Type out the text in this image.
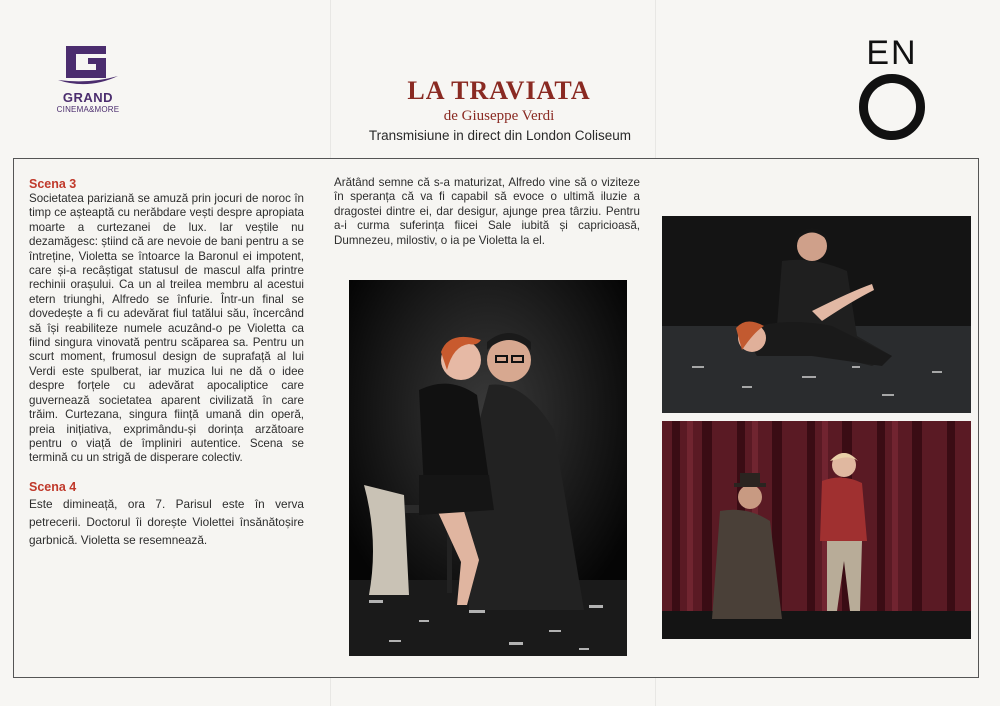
GRAND
CINEMA&MORE
EN
LA TRAVIATA
de Giuseppe Verdi
Transmisiune in direct din London Coliseum
Scena 3

Societatea pariziană se amuză prin jocuri de noroc în timp ce așteaptă cu nerăbdare vești despre apropiata moarte a curtezanei de lux. Iar veștile nu dezamăgesc: știind că are nevoie de bani pentru a se întreține, Violetta se întoarce la Baronul ei impotent, care și-a recâștigat statusul de mascul alfa printre rechinii orașului. Ca un al treilea membru al acestui etern triunghi, Alfredo se înfurie. Într-un final se dovedește a fi cu adevărat fiul tatălui său, încercând să își reabiliteze numele acuzând-o pe Violetta ca fiind singura vinovată pentru scăparea sa. Pentru un scurt moment, frumosul design de suprafață al lui Verdi este spulberat, iar muzica lui ne dă o idee despre forțele cu adevărat apocaliptice care guvernează societatea aparent civilizată în care trăim. Curtezana, singura ființă umană din operă, preia inițiativa, exprimându-și dorința arzătoare pentru o viață de împliniri autentice. Scena se termină cu un strigă de disperare colectiv.

Scena 4

Este dimineață, ora 7. Parisul este în verva petrecerii. Doctorul îi dorește Violettei însănătoșire garbnică. Violetta se resemnează.

Arătând semne că s-a maturizat, Alfredo vine să o viziteze în speranța că va fi capabil să evoce o ultimă iluzie a dragostei dintre ei, dar desigur, ajunge prea târziu. Pentru a-i curma suferința fiicei Sale iubită și capricioasă, Dumnezeu, milostiv, o ia pe Violetta la el.
